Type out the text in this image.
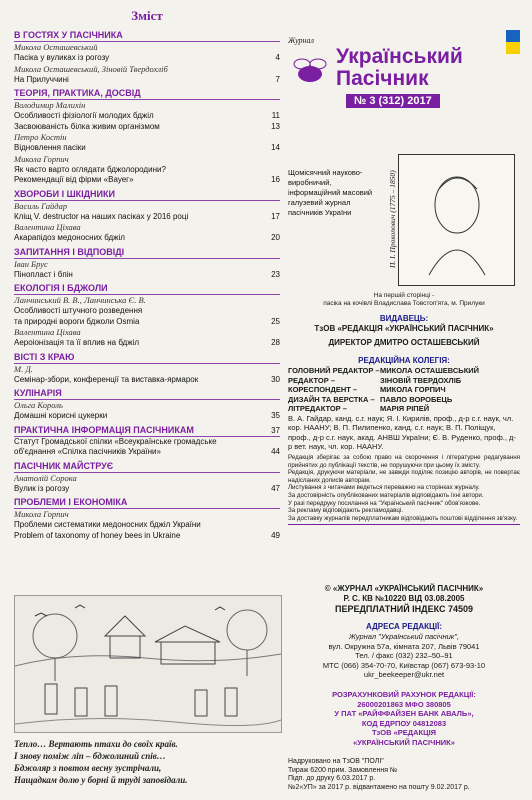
Зміст
В ГОСТЯХ У ПАСІЧНИКА
Микола Осташевський
Пасіка у вуликах із рогозу	4
Микола Осташевський, Зіновій Твердохліб
На Прилуччині	7
ТЕОРІЯ, ПРАКТИКА, ДОСВІД
Володимир Малихін
Особливості фізіології молодих бджіл	11
Засвоюваність білка живим організмом	13
Петро Костін
Відновлення пасіки	14
Микола Горпич
Як часто варто оглядати бджолородини?
Рекомендації від фірми «Вауег»	16
ХВОРОБИ І ШКІДНИКИ
Василь Гайдар
Кліщ V. destructor на наших пасіках у 2016 році	17
Валентина Ціхава
Акарапідоз медоносних бджіл	20
ЗАПИТАННЯ І ВІДПОВІДІ
Іван Брус
Пінопласт і бпін	23
ЕКОЛОГІЯ І БДЖОЛИ
Ланчинський В. В., Ланчинська Є. В.
Особливості штучного розведення
та природні вороги бджоли Osmia	25
Валентина Ціхава
Аероіонізація та її вплив на бджіл	28
ВІСТІ З КРАЮ
М. Д.
Семінар-збори, конференції та виставка-ярмарок	30
КУЛІНАРІЯ
Ольга Король
Домашні корисні цукерки	35
ПРАКТИЧНА ІНФОРМАЦІЯ ПАСІЧНИКАМ	37
Статут Громадської спілки «Всеукраїнське громадське
об'єднання «Спілка пасічників України»	44
ПАСІЧНИК МАЙСТРУЄ
Анатолій Сорока
Вулик із рогозу	47
ПРОБЛЕМИ І ЕКОНОМІКА
Микола Горпич
Проблеми систематики медоносних бджіл України
Problem of taxonomy of honey bees in Ukraine	49
Тепло… Вертають птахи до своїх країв.
І знову поміж ліп – бджолиний спів…
Бджоляр з повтом весну зустрічали,
Нащадкам долю у борні й труді заповідали.
Журнал
Український
Пасічник
№ 3 (312) 2017
Щомісячний науково-виробничий, інформаційний масовий галузевий журнал пасічників України	П. І. Прокопович (1775 – 1850)
На першій сторінці -
пасіка на кочівлі Владислава Товстоп'ята, м. Прилуки
ВИДАВЕЦЬ:
ТзОВ «РЕДАКЦІЯ «УКРАЇНСЬКИЙ ПАСІЧНИК»
ДИРЕКТОР ДМИТРО ОСТАШЕВСЬКИЙ
РЕДАКЦІЙНА КОЛЕГІЯ:
ГОЛОВНИЙ РЕДАКТОР – МИКОЛА ОСТАШЕВСЬКИЙ
РЕДАКТОР –	ЗІНОВІЙ ТВЕРДОХЛІБ
КОРЕСПОНДЕНТ –	МИКОЛА ГОРПИЧ
ДИЗАЙН ТА ВЕРСТКА – ПАВЛО ВОРОБЕЦЬ
ЛІТРЕДАКТОР –	МАРІЯ РІПЕЙ
В. А. Гайдар, канд. с.г. наук; Я. І. Кирилів, проф., д-р с.г. наук, чл. кор. НААНУ; В. П. Пилипенко, канд. с.г. наук; В. П. Поліщук, проф., д-р с.г. наук, акад. АНВШ України; Є. В. Руденко, проф., д-р вет. наук, чл. кор. НААНУ.
Редакція зберігає за собою право на скорочення і літературне редагування прийнятих до публікації текстів, не порушуючи при цьому їх змісту.
Редакція, друкуючи матеріали, не завжди поділяє позицію авторів, не повертає надісланих дописів авторам.
Листування з читачами ведеться переважно на сторінках журналу.
За достовірність опублікованих матеріалів відповідають їхні автори.
У разі передруку посилання на "Український пасічник" обов'язкове.
За рекламу відповідають рекламодавці.
За доставку журналів передплатникам відповідають поштові відділення зв'язку.
© «ЖУРНАЛ «УКРАЇНСЬКИЙ ПАСІЧНИК»
Р. С. КВ №10220 ВІД 03.08.2005
ПЕРЕДПЛАТНИЙ ІНДЕКС 74509
АДРЕСА РЕДАКЦІЇ:
Журнал "Український пасічник",
вул. Окружна 57а, кімната 207, Львів 79041
Тел. / факс (032) 232–50–91
МТС (066) 354-70-70, Київстар (067) 673-93-10
ukr_beekeeper@ukr.net
РОЗРАХУНКОВИЙ РАХУНОК РЕДАКЦІЇ:
26000201863 МФО 380805
У ПАТ «РАЙФФАЙЗЕН БАНК АВАЛЬ»,
КОД ЕДРПОУ 04812083
ТзОВ «РЕДАКЦІЯ
«УКРАЇНСЬКИЙ ПАСІЧНИК»
Надруковано на ТзОВ "ПОЛІ"
Тираж 6200 прим. Замовлення №
Підп. до друку 6.03.2017 р.
№2«УП» за 2017 р. відвантажено на пошту 9.02.2017 р.
